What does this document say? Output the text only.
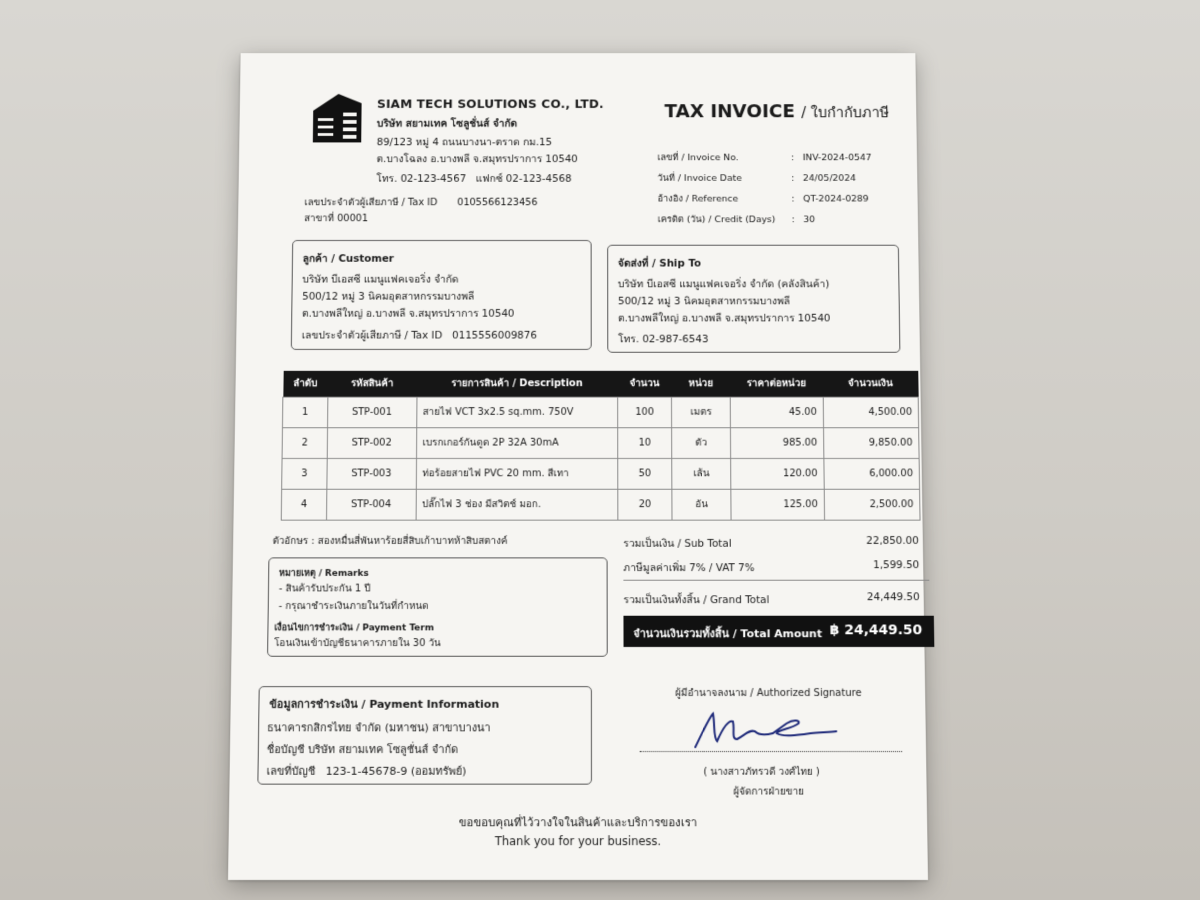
SIAM TECH SOLUTIONS CO., LTD.
บริษัท สยามเทค โซลูชั่นส์ จำกัด
89/123 หมู่ 4 ถนนบางนา-ตราด กม.15
ต.บางโฉลง อ.บางพลี จ.สมุทรปราการ 10540
โทร. 02-123-4567   แฟกซ์ 02-123-4568
เลขประจำตัวผู้เสียภาษี / Tax ID 0105566123456
สาขาที่ 00001
TAX INVOICE / ใบกำกับภาษี
เลขที่ / Invoice No.	: INV-2024-0547
วันที่ / Invoice Date	: 24/05/2024
อ้างอิง / Reference	: QT-2024-0289
เครดิต (วัน) / Credit (Days) : 30
ลูกค้า / Customer
บริษัท บีเอสซี แมนูแฟคเจอริ่ง จำกัด
500/12 หมู่ 3 นิคมอุตสาหกรรมบางพลี
ต.บางพลีใหญ่ อ.บางพลี จ.สมุทรปราการ 10540
เลขประจำตัวผู้เสียภาษี / Tax ID   0115556009876
จัดส่งที่ / Ship To
บริษัท บีเอสซี แมนูแฟคเจอริ่ง จำกัด (คลังสินค้า)
500/12 หมู่ 3 นิคมอุตสาหกรรมบางพลี
ต.บางพลีใหญ่ อ.บางพลี จ.สมุทรปราการ 10540
โทร. 02-987-6543
ลำดับ	รหัสสินค้า	รายการสินค้า / Description	จำนวน	หน่วย	ราคาต่อหน่วย	จำนวนเงิน
1	STP-001	สายไฟ VCT 3x2.5 sq.mm. 750V	100	เมตร	45.00	4,500.00
2	STP-002	เบรกเกอร์กันดูด 2P 32A 30mA	10	ตัว	985.00	9,850.00
3	STP-003	ท่อร้อยสายไฟ PVC 20 mm. สีเทา	50	เส้น	120.00	6,000.00
4	STP-004	ปลั๊กไฟ 3 ช่อง มีสวิตช์ มอก.	20	อัน	125.00	2,500.00
ตัวอักษร : สองหมื่นสี่พันหาร้อยสี่สิบเก้าบาทห้าสิบสตางค์
หมายเหตุ / Remarks
- สินค้ารับประกัน 1 ปี
- กรุณาชำระเงินภายในวันที่กำหนด
เงื่อนไขการชำระเงิน / Payment Term
โอนเงินเข้าบัญชีธนาคารภายใน 30 วัน
รวมเป็นเงิน / Sub Total	22,850.00
ภาษีมูลค่าเพิ่ม 7% / VAT 7%	1,599.50
รวมเป็นเงินทั้งสิ้น / Grand Total	24,449.50
จำนวนเงินรวมทั้งสิ้น / Total Amount ฿ 24,449.50
ข้อมูลการชำระเงิน / Payment Information
ธนาคารกสิกรไทย จำกัด (มหาชน) สาขาบางนา
ชื่อบัญชี บริษัท สยามเทค โซลูชั่นส์ จำกัด
เลขที่บัญชี   123-1-45678-9 (ออมทรัพย์)
ผู้มีอำนาจลงนาม / Authorized Signature
( นางสาวภัทรวดี วงศ์ไทย )
ผู้จัดการฝ่ายขาย
ขอขอบคุณที่ไว้วางใจในสินค้าและบริการของเรา
Thank you for your business.
